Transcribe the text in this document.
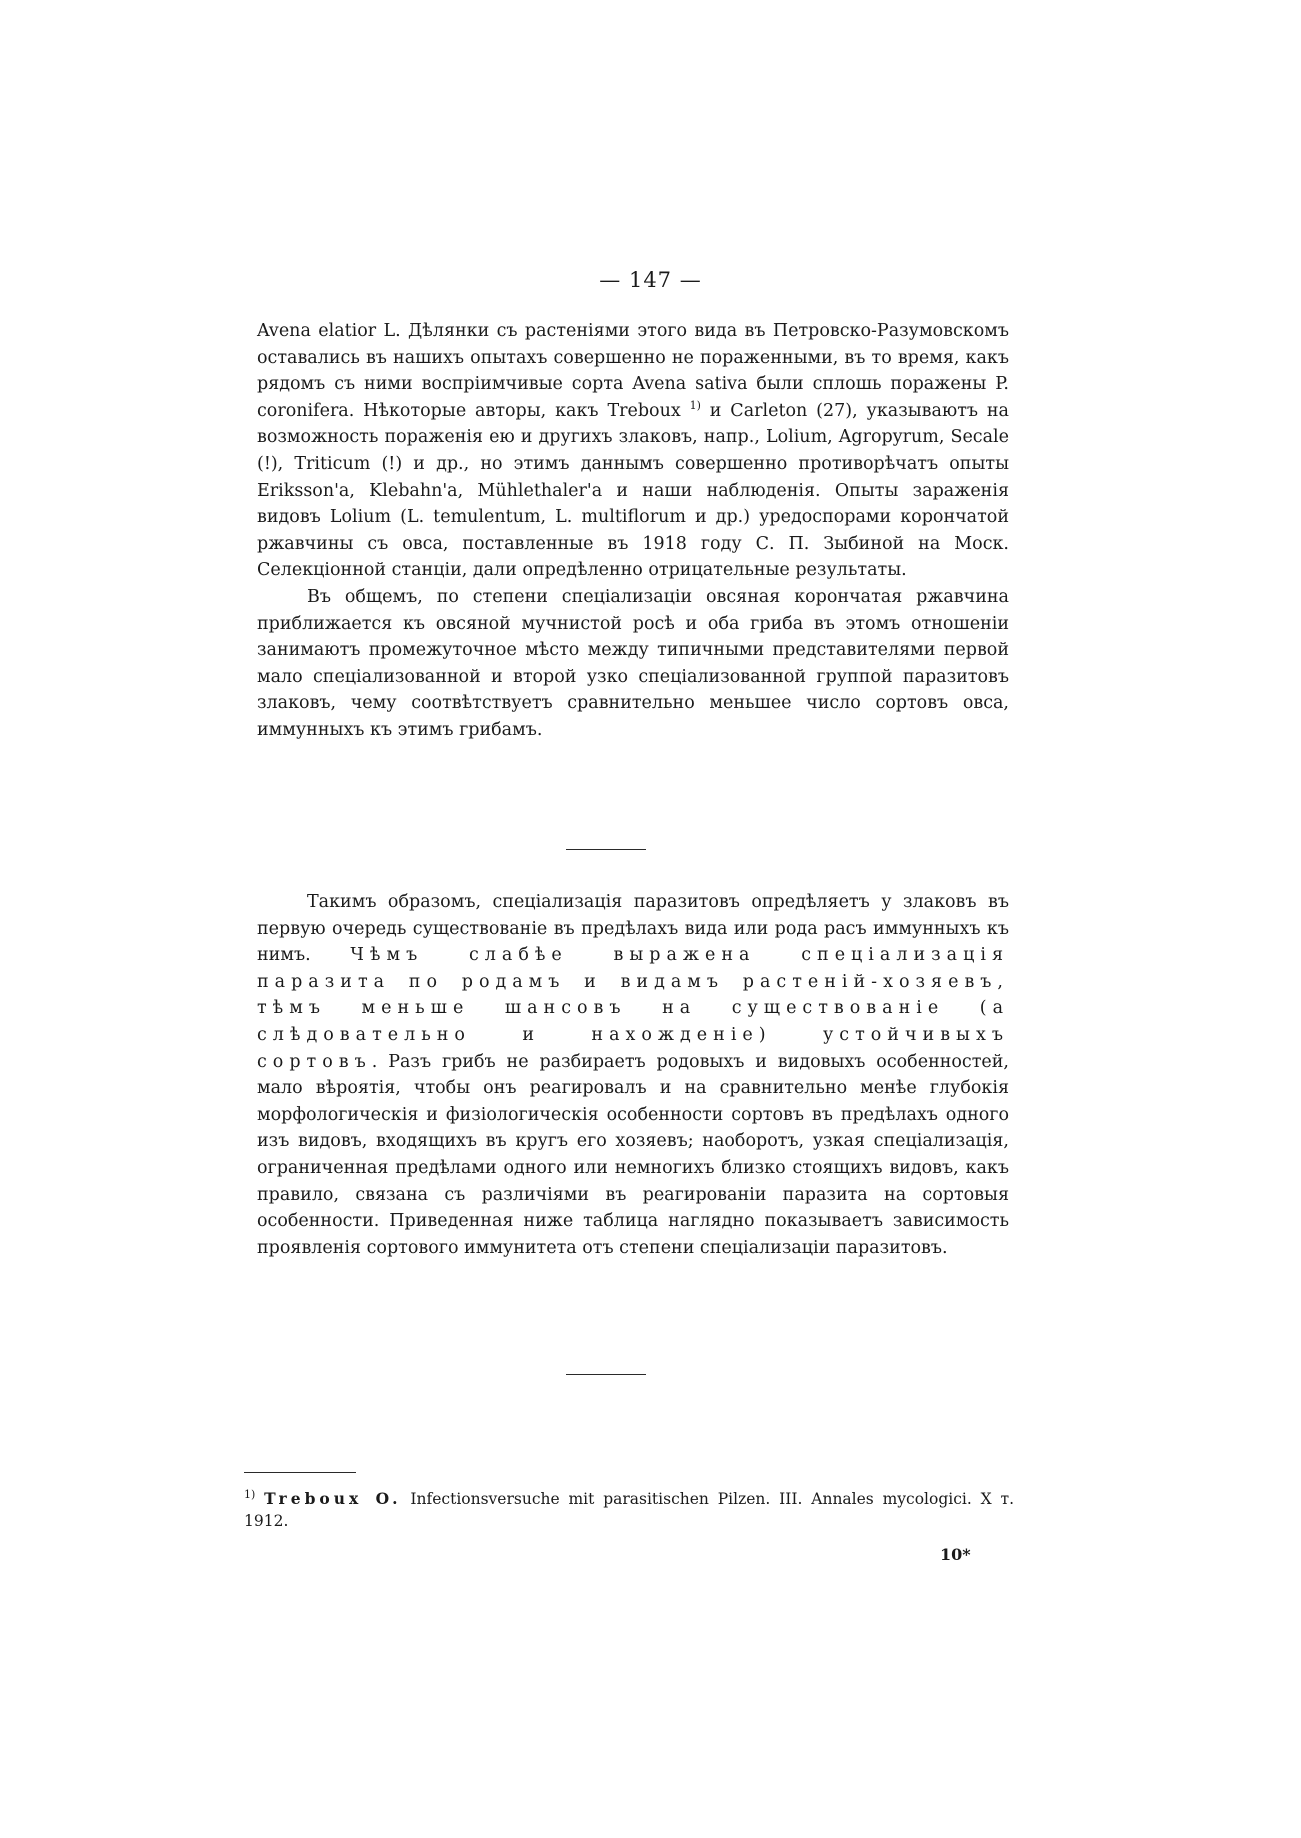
— 147 —

Avena elatior L. Дѣлянки съ растеніями этого вида въ Петровско-Разумовскомъ оставались въ нашихъ опытахъ совершенно не пораженными, въ то время, какъ рядомъ съ ними воспріимчивые сорта Avena sativa были сплошь поражены P. coronifera. Нѣкоторые авторы, какъ Treboux $^{1)}$ и Carleton (27), указываютъ на возможность пораженія ею и другихъ злаковъ, напр., Lolium, Agropyrum, Secale (!), Triticum (!) и др., но этимъ даннымъ совершенно противорѣчатъ опыты Eriksson'a, Klebahn'a, Mühlethaler'a и наши наблюденія. Опыты зараженія видовъ Lolium (L. temulentum, L. multiflorum и др.) уредоспорами корончатой ржавчины съ овса, поставленные въ 1918 году С. П. Зыбиной на Моск. Селекціонной станціи, дали опредѣленно отрицательные результаты.

Въ общемъ, по степени спеціализаціи овсяная корончатая ржавчина приближается къ овсяной мучнистой росѣ и оба гриба въ этомъ отношеніи занимаютъ промежуточное мѣсто между типичными представителями первой мало спеціализованной и второй узко спеціализованной группой паразитовъ злаковъ, чему соотвѣтствуетъ сравнительно меньшее число сортовъ овса, иммунныхъ къ этимъ грибамъ.

Такимъ образомъ, спеціализація паразитовъ опредѣляетъ у злаковъ въ первую очередь существованіе въ предѣлахъ вида или рода расъ иммунныхъ къ нимъ. Чѣмъ слабѣе выражена спеціализація паразита по родамъ и видамъ растеній-хозяевъ, тѣмъ меньше шансовъ на существованіе (а слѣдовательно и нахожденіе) устойчивыхъ сортовъ. Разъ грибъ не разбираетъ родовыхъ и видовыхъ особенностей, мало вѣроятія, чтобы онъ реагировалъ и на сравнительно менѣе глубокія морфологическія и физіологическія особенности сортовъ въ предѣлахъ одного изъ видовъ, входящихъ въ кругъ его хозяевъ; наоборотъ, узкая спеціализація, ограниченная предѣлами одного или немногихъ близко стоящихъ видовъ, какъ правило, связана съ различіями въ реагированіи паразита на сортовыя особенности. Приведенная ниже таблица наглядно показываетъ зависимость проявленія сортового иммунитета отъ степени спеціализаціи паразитовъ.

$^{1)}$ Treboux O. Infectionsversuche mit parasitischen Pilzen. III. Annales mycologici. X т. 1912.
10*
